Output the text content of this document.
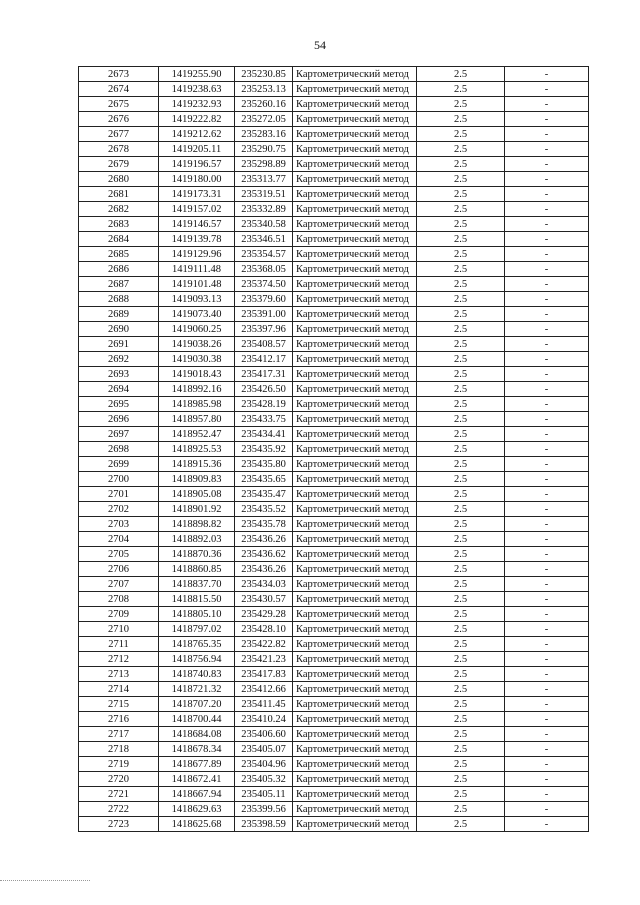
54
2673	1419255.90	235230.85	Картометрический метод	2.5	-
2674	1419238.63	235253.13	Картометрический метод	2.5	-
2675	1419232.93	235260.16	Картометрический метод	2.5	-
2676	1419222.82	235272.05	Картометрический метод	2.5	-
2677	1419212.62	235283.16	Картометрический метод	2.5	-
2678	1419205.11	235290.75	Картометрический метод	2.5	-
2679	1419196.57	235298.89	Картометрический метод	2.5	-
2680	1419180.00	235313.77	Картометрический метод	2.5	-
2681	1419173.31	235319.51	Картометрический метод	2.5	-
2682	1419157.02	235332.89	Картометрический метод	2.5	-
2683	1419146.57	235340.58	Картометрический метод	2.5	-
2684	1419139.78	235346.51	Картометрический метод	2.5	-
2685	1419129.96	235354.57	Картометрический метод	2.5	-
2686	1419111.48	235368.05	Картометрический метод	2.5	-
2687	1419101.48	235374.50	Картометрический метод	2.5	-
2688	1419093.13	235379.60	Картометрический метод	2.5	-
2689	1419073.40	235391.00	Картометрический метод	2.5	-
2690	1419060.25	235397.96	Картометрический метод	2.5	-
2691	1419038.26	235408.57	Картометрический метод	2.5	-
2692	1419030.38	235412.17	Картометрический метод	2.5	-
2693	1419018.43	235417.31	Картометрический метод	2.5	-
2694	1418992.16	235426.50	Картометрический метод	2.5	-
2695	1418985.98	235428.19	Картометрический метод	2.5	-
2696	1418957.80	235433.75	Картометрический метод	2.5	-
2697	1418952.47	235434.41	Картометрический метод	2.5	-
2698	1418925.53	235435.92	Картометрический метод	2.5	-
2699	1418915.36	235435.80	Картометрический метод	2.5	-
2700	1418909.83	235435.65	Картометрический метод	2.5	-
2701	1418905.08	235435.47	Картометрический метод	2.5	-
2702	1418901.92	235435.52	Картометрический метод	2.5	-
2703	1418898.82	235435.78	Картометрический метод	2.5	-
2704	1418892.03	235436.26	Картометрический метод	2.5	-
2705	1418870.36	235436.62	Картометрический метод	2.5	-
2706	1418860.85	235436.26	Картометрический метод	2.5	-
2707	1418837.70	235434.03	Картометрический метод	2.5	-
2708	1418815.50	235430.57	Картометрический метод	2.5	-
2709	1418805.10	235429.28	Картометрический метод	2.5	-
2710	1418797.02	235428.10	Картометрический метод	2.5	-
2711	1418765.35	235422.82	Картометрический метод	2.5	-
2712	1418756.94	235421.23	Картометрический метод	2.5	-
2713	1418740.83	235417.83	Картометрический метод	2.5	-
2714	1418721.32	235412.66	Картометрический метод	2.5	-
2715	1418707.20	235411.45	Картометрический метод	2.5	-
2716	1418700.44	235410.24	Картометрический метод	2.5	-
2717	1418684.08	235406.60	Картометрический метод	2.5	-
2718	1418678.34	235405.07	Картометрический метод	2.5	-
2719	1418677.89	235404.96	Картометрический метод	2.5	-
2720	1418672.41	235405.32	Картометрический метод	2.5	-
2721	1418667.94	235405.11	Картометрический метод	2.5	-
2722	1418629.63	235399.56	Картометрический метод	2.5	-
2723	1418625.68	235398.59	Картометрический метод	2.5	-
